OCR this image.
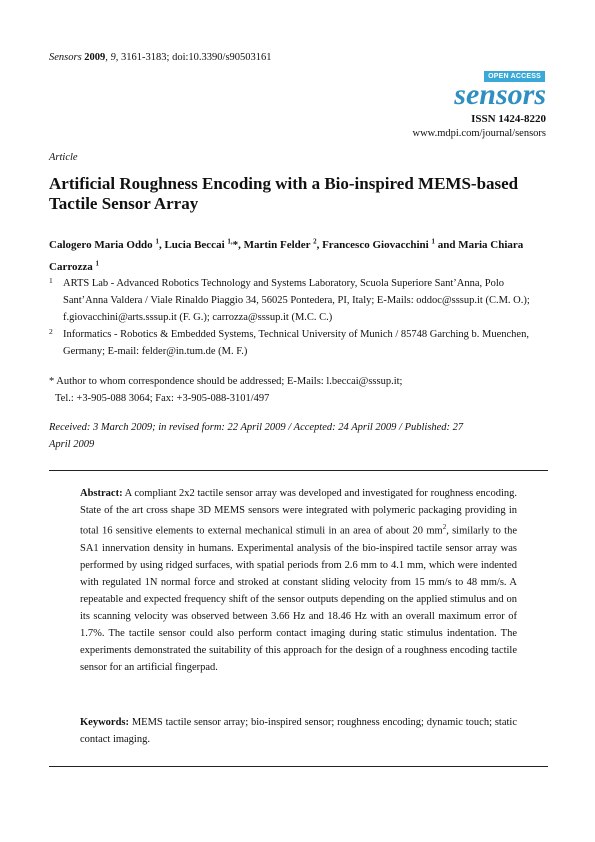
Sensors 2009, 9, 3161-3183; doi:10.3390/s90503161
OPEN ACCESS
sensors
ISSN 1424-8220
www.mdpi.com/journal/sensors
Article
Artificial Roughness Encoding with a Bio-inspired MEMS-based Tactile Sensor Array
Calogero Maria Oddo $^1$, Lucia Beccai $^{1,}$*, Martin Felder $^2$, Francesco Giovacchini $^1$ and Maria Chiara Carrozza $^1$
1 ARTS Lab - Advanced Robotics Technology and Systems Laboratory, Scuola Superiore Sant’Anna, Polo Sant’Anna Valdera / Viale Rinaldo Piaggio 34, 56025 Pontedera, PI, Italy; E-Mails: oddoc@sssup.it (C.M. O.); f.giovacchini@arts.sssup.it (F. G.); carrozza@sssup.it (M.C. C.)
2 Informatics - Robotics & Embedded Systems, Technical University of Munich / 85748 Garching b. Muenchen, Germany; E-mail: felder@in.tum.de (M. F.)
* Author to whom correspondence should be addressed; E-Mails: l.beccai@sssup.it;
Tel.: +3-905-088 3064; Fax: +3-905-088-3101/497
Received: 3 March 2009; in revised form: 22 April 2009 / Accepted: 24 April 2009 / Published: 27 April 2009
Abstract: A compliant 2x2 tactile sensor array was developed and investigated for roughness encoding. State of the art cross shape 3D MEMS sensors were integrated with polymeric packaging providing in total 16 sensitive elements to external mechanical stimuli in an area of about 20 $mm^2$, similarly to the SA1 innervation density in humans. Experimental analysis of the bio-inspired tactile sensor array was performed by using ridged surfaces, with spatial periods from 2.6 mm to 4.1 mm, which were indented with regulated 1N normal force and stroked at constant sliding velocity from 15 mm/s to 48 mm/s. A repeatable and expected frequency shift of the sensor outputs depending on the applied stimulus and on its scanning velocity was observed between 3.66 Hz and 18.46 Hz with an overall maximum error of 1.7%. The tactile sensor could also perform contact imaging during static stimulus indentation. The experiments demonstrated the suitability of this approach for the design of a roughness encoding tactile sensor for an artificial fingerpad.
Keywords: MEMS tactile sensor array; bio-inspired sensor; roughness encoding; dynamic touch; static contact imaging.
